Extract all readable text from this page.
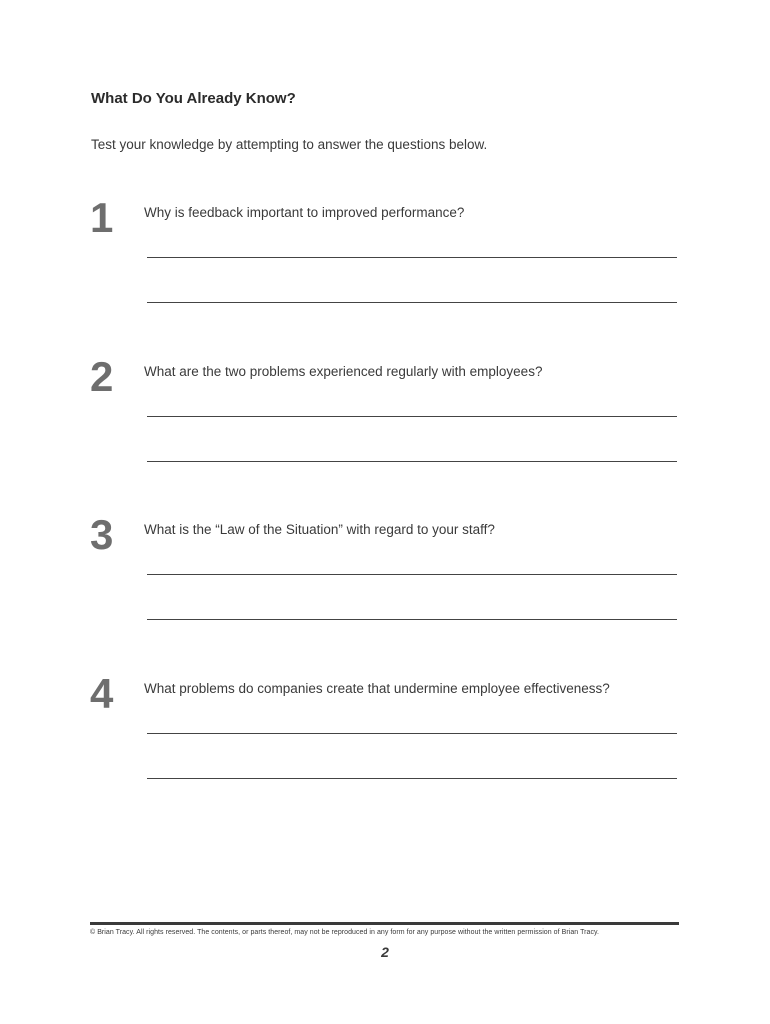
What Do You Already Know?

Test your knowledge by attempting to answer the questions below.

1 Why is feedback important to improved performance?
2 What are the two problems experienced regularly with employees?
3 What is the “Law of the Situation” with regard to your staff?
4 What problems do companies create that undermine employee effectiveness?
© Brian Tracy. All rights reserved. The contents, or parts thereof, may not be reproduced in any form for any purpose without the written permission of Brian Tracy.
2
